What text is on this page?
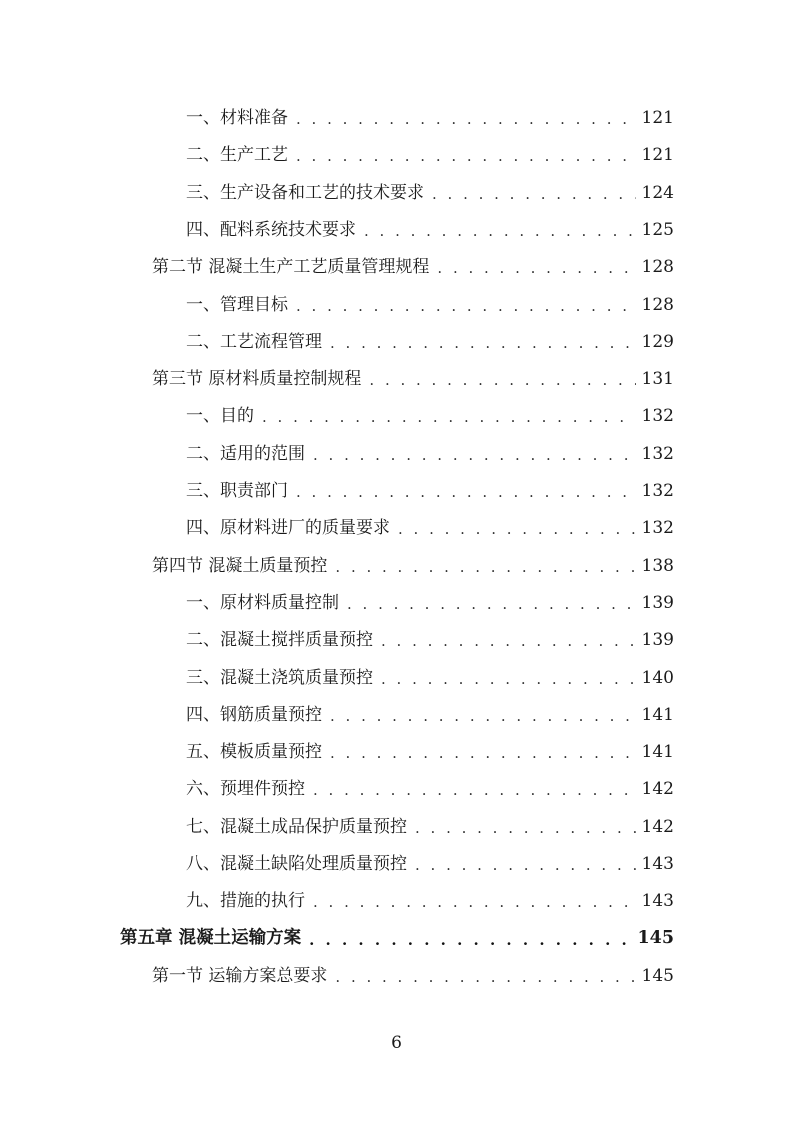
一、材料准备 . . .	121
二、生产工艺 . . .	121
三、生产设备和工艺的技术要求 . . .	124
四、配料系统技术要求 . . .	125
第二节 混凝土生产工艺质量管理规程 . . .	128
一、管理目标 . . .	128
二、工艺流程管理 . . .	129
第三节 原材料质量控制规程 . . .	131
一、目的 . . .	132
二、适用的范围 . . .	132
三、职责部门 . . .	132
四、原材料进厂的质量要求 . . .	132
第四节 混凝土质量预控 . . .	138
一、原材料质量控制 . . .	139
二、混凝土搅拌质量预控 . . .	139
三、混凝土浇筑质量预控 . . .	140
四、钢筋质量预控 . . .	141
五、模板质量预控 . . .	141
六、预埋件预控 . . .	142
七、混凝土成品保护质量预控 . . .	142
八、混凝土缺陷处理质量预控 . . .	143
九、措施的执行 . . .	143
第五章 混凝土运输方案 . . .	145
第一节 运输方案总要求 . . .	145
6
